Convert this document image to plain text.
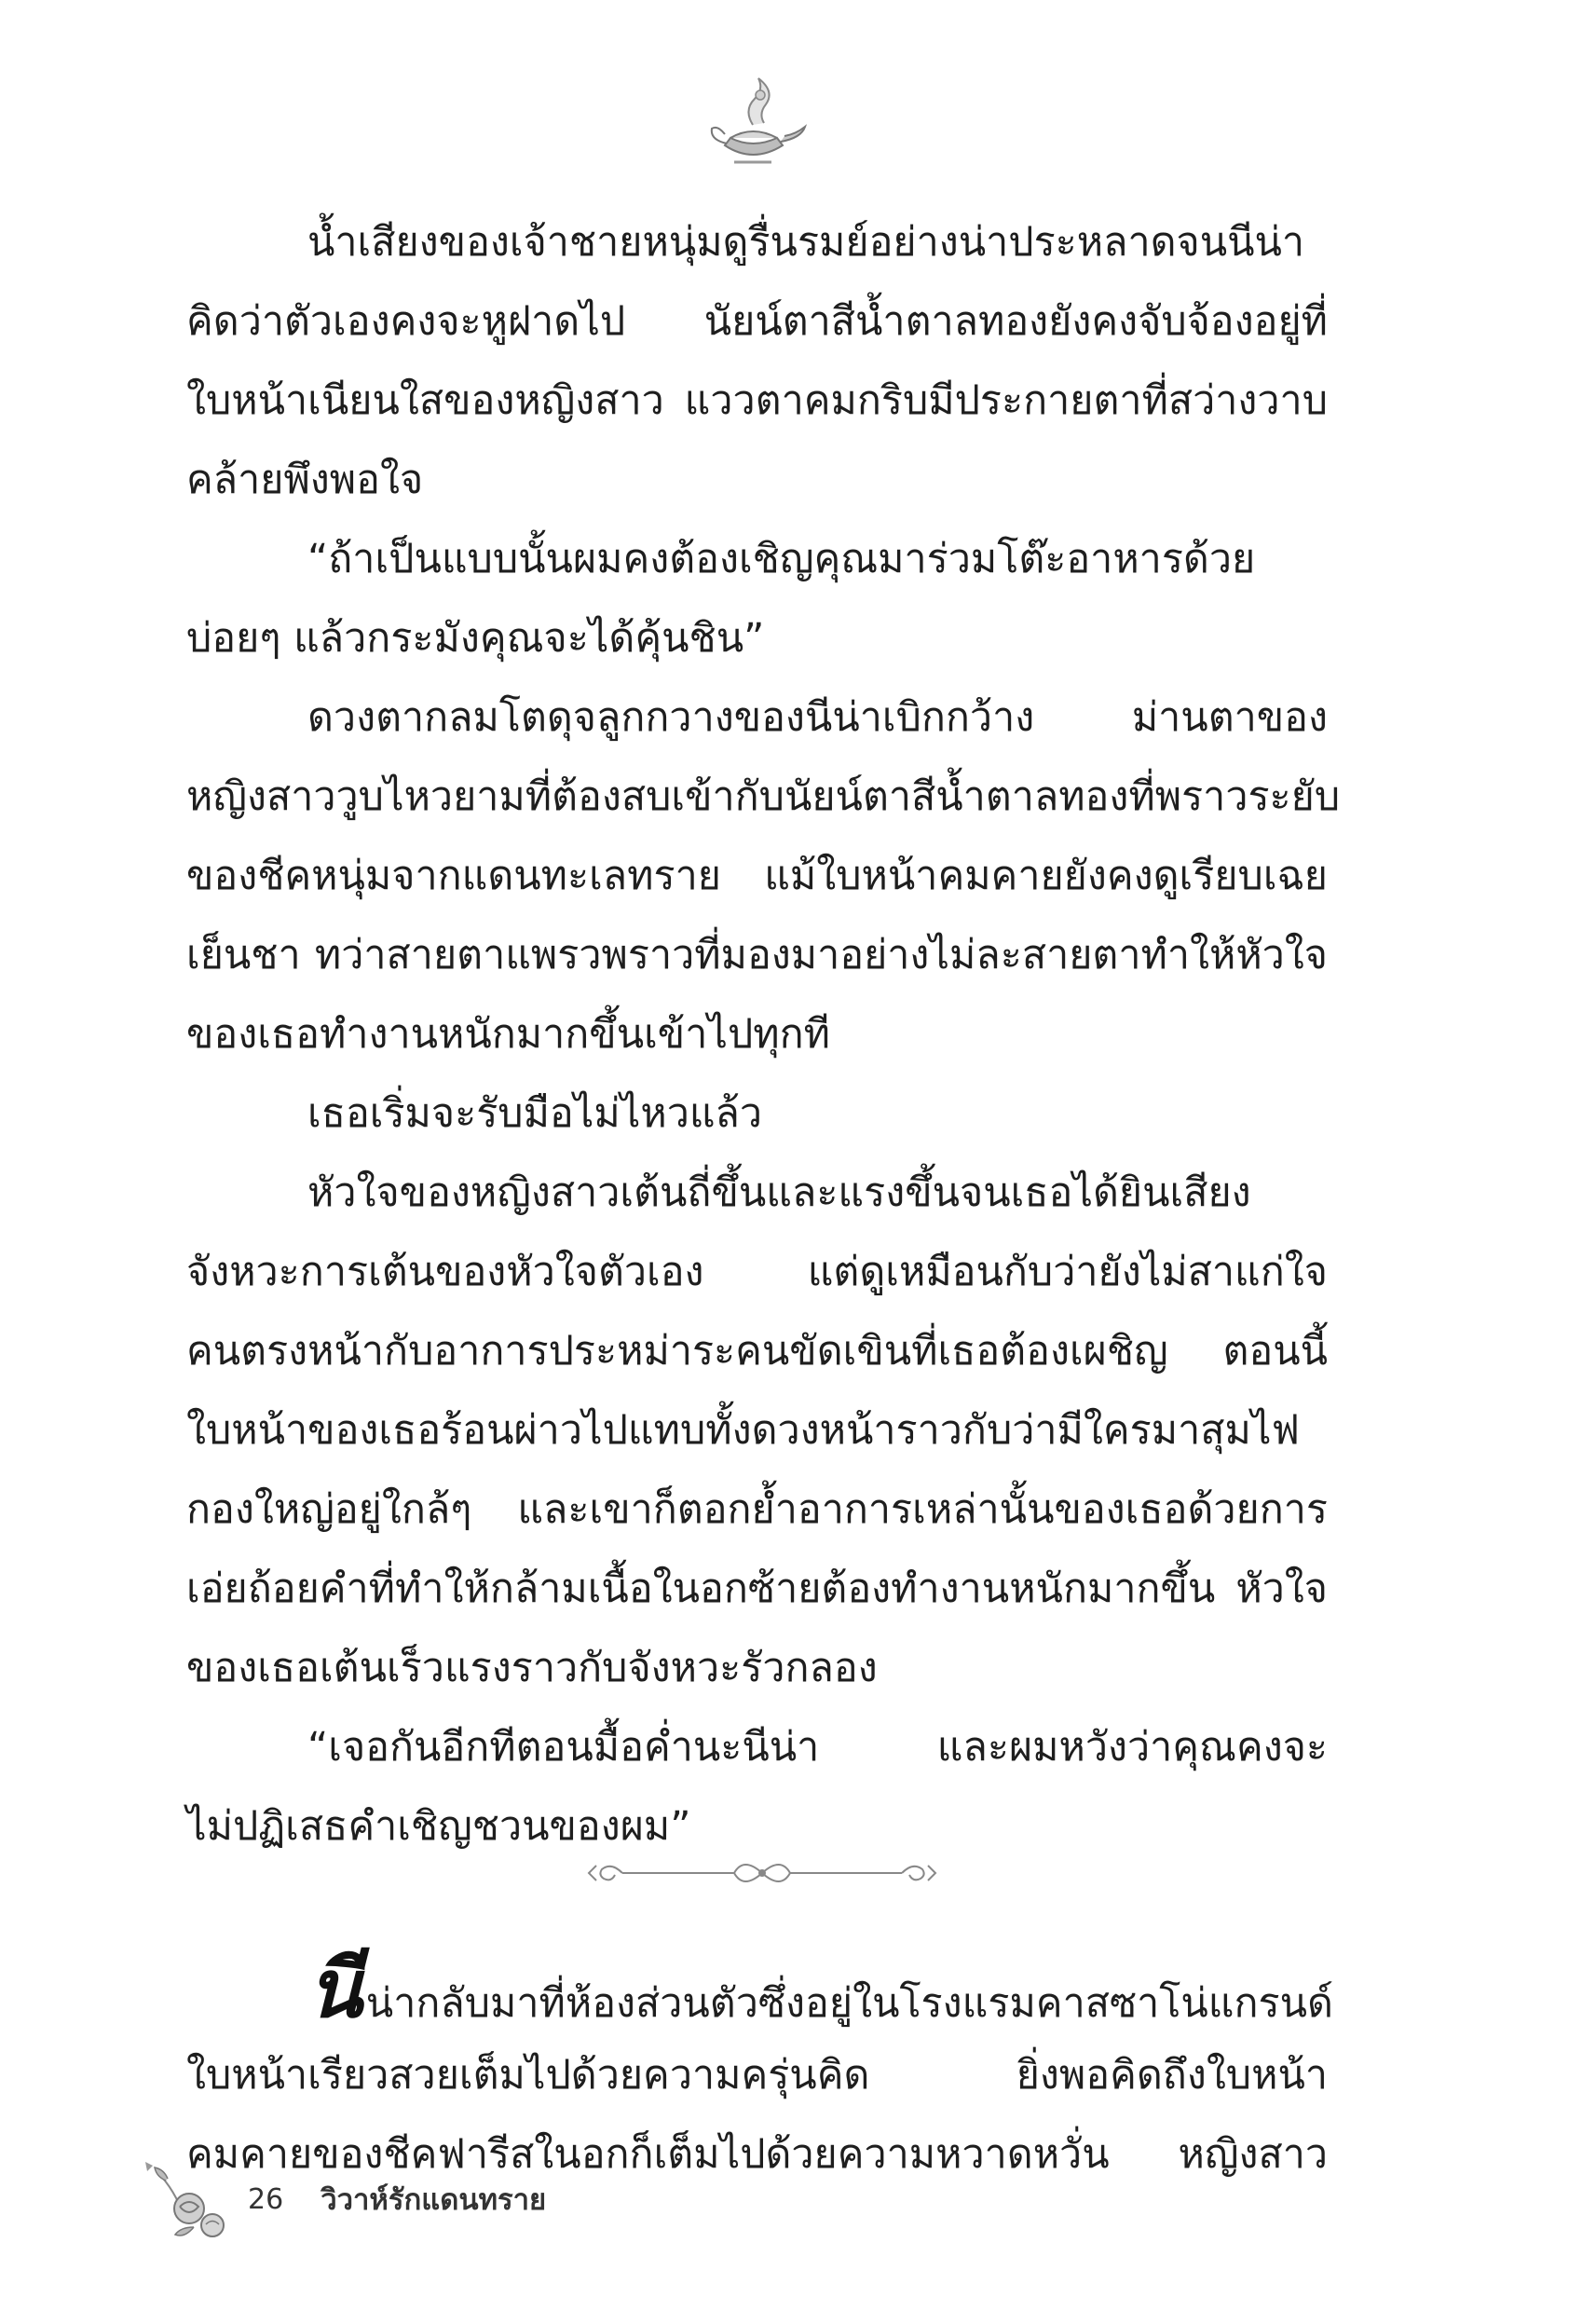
น้ำเสียงของเจ้าชายหนุ่มดูรื่นรมย์อย่างน่าประหลาดจนนีน่า
คิดว่าตัวเองคงจะหูฝาดไป นัยน์ตาสีน้ำตาลทองยังคงจับจ้องอยู่ที่
ใบหน้าเนียนใสของหญิงสาว แววตาคมกริบมีประกายตาที่สว่างวาบ
คล้ายพึงพอใจ
“ถ้าเป็นแบบนั้นผมคงต้องเชิญคุณมาร่วมโต๊ะอาหารด้วย
บ่อยๆ แล้วกระมังคุณจะได้คุ้นชิน”
ดวงตากลมโตดุจลูกกวางของนีน่าเบิกกว้าง ม่านตาของ
หญิงสาววูบไหวยามที่ต้องสบเข้ากับนัยน์ตาสีน้ำตาลทองที่พราวระยับ
ของชีคหนุ่มจากแดนทะเลทราย แม้ใบหน้าคมคายยังคงดูเรียบเฉย
เย็นชา ทว่าสายตาแพรวพราวที่มองมาอย่างไม่ละสายตาทำให้หัวใจ
ของเธอทำงานหนักมากขึ้นเข้าไปทุกที
เธอเริ่มจะรับมือไม่ไหวแล้ว
หัวใจของหญิงสาวเต้นถี่ขึ้นและแรงขึ้นจนเธอได้ยินเสียง
จังหวะการเต้นของหัวใจตัวเอง แต่ดูเหมือนกับว่ายังไม่สาแก่ใจ
คนตรงหน้ากับอาการประหม่าระคนขัดเขินที่เธอต้องเผชิญ ตอนนี้
ใบหน้าของเธอร้อนผ่าวไปแทบทั้งดวงหน้าราวกับว่ามีใครมาสุมไฟ
กองใหญ่อยู่ใกล้ๆ และเขาก็ตอกย้ำอาการเหล่านั้นของเธอด้วยการ
เอ่ยถ้อยคำที่ทำให้กล้ามเนื้อในอกซ้ายต้องทำงานหนักมากขึ้น หัวใจ
ของเธอเต้นเร็วแรงราวกับจังหวะรัวกลอง
“เจอกันอีกทีตอนมื้อค่ำนะนีน่า และผมหวังว่าคุณคงจะ
ไม่ปฏิเสธคำเชิญชวนของผม”
นีน่ากลับมาที่ห้องส่วนตัวซึ่งอยู่ในโรงแรมคาสซาโน่แกรนด์
ใบหน้าเรียวสวยเต็มไปด้วยความครุ่นคิด ยิ่งพอคิดถึงใบหน้า
คมคายของชีคฟารีสในอกก็เต็มไปด้วยความหวาดหวั่น หญิงสาว
26 วิวาห์รักแดนทราย
